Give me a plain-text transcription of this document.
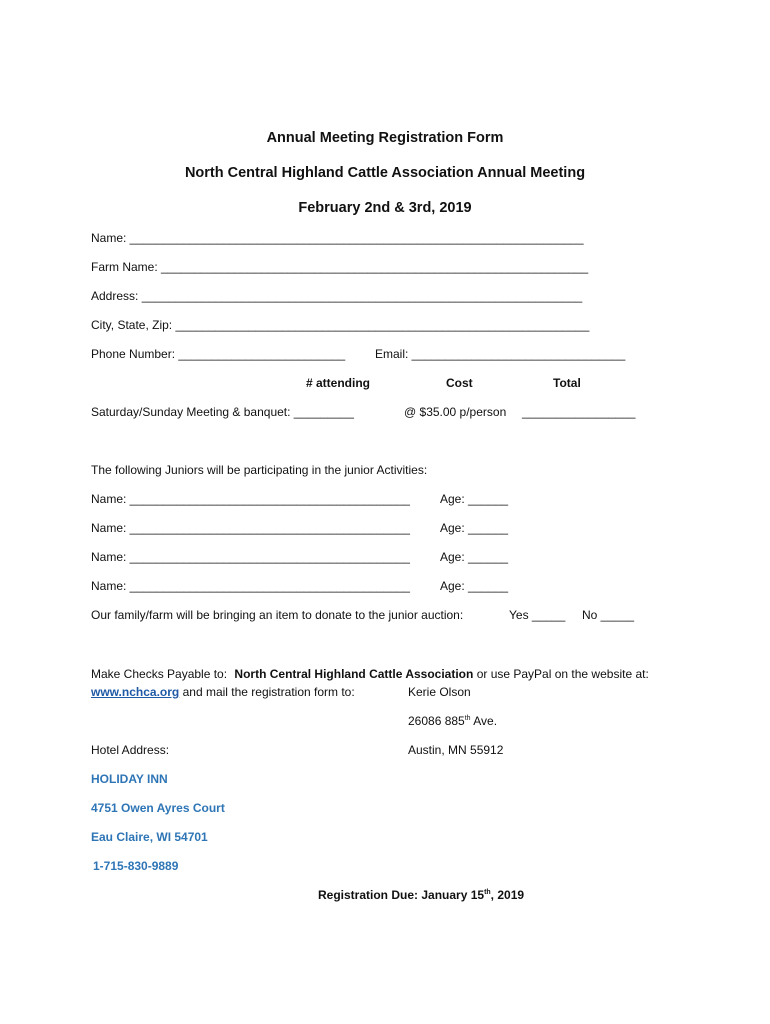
Annual Meeting Registration Form
North Central Highland Cattle Association Annual Meeting
February 2nd & 3rd, 2019
Name: ____________________________________________________________________
Farm Name: ________________________________________________________________
Address: __________________________________________________________________
City, State, Zip: ______________________________________________________________
Phone Number: _________________________ Email: ________________________________
# attending	Cost	Total
Saturday/Sunday Meeting & banquet: _________	@ $35.00 p/person _________________
The following Juniors will be participating in the junior Activities:
Name: __________________________________________	Age: ______
Name: __________________________________________	Age: ______
Name: __________________________________________	Age: ______
Name: __________________________________________	Age: ______
Our family/farm will be bringing an item to donate to the junior auction:	Yes _____ No _____
Make Checks Payable to: North Central Highland Cattle Association or use PayPal on the website at:
www.nchca.org and mail the registration form to:	Kerie Olson
26086 885th Ave.
Hotel Address:	Austin, MN 55912
HOLIDAY INN
4751 Owen Ayres Court
Eau Claire, WI 54701
1-715-830-9889
Registration Due: January 15th, 2019
